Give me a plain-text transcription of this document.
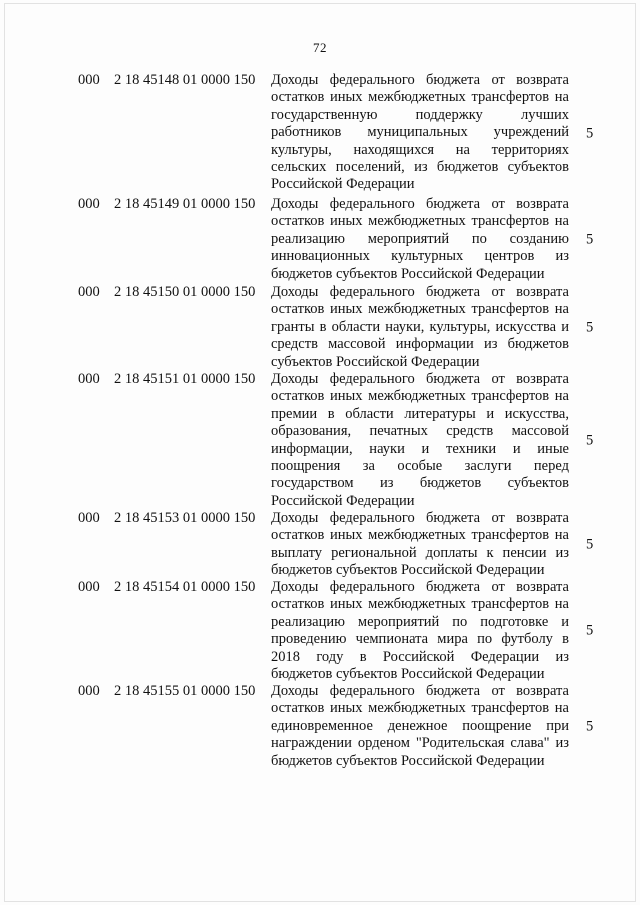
72
000 2 18 45148 01 0000 150 Доходы федерального бюджета от возврата остатков иных межбюджетных трансфертов на государственную поддержку лучших работников муниципальных учреждений культуры, находящихся на территориях сельских поселений, из бюджетов субъектов Российской Федерации
5
000 2 18 45149 01 0000 150 Доходы федерального бюджета от возврата остатков иных межбюджетных трансфертов на реализацию мероприятий по созданию инновационных культурных центров из бюджетов субъектов Российской Федерации
5
000 2 18 45150 01 0000 150 Доходы федерального бюджета от возврата остатков иных межбюджетных трансфертов на гранты в области науки, культуры, искусства и средств массовой информации из бюджетов субъектов Российской Федерации
5
000 2 18 45151 01 0000 150 Доходы федерального бюджета от возврата остатков иных межбюджетных трансфертов на премии в области литературы и искусства, образования, печатных средств массовой информации, науки и техники и иные поощрения за особые заслуги перед государством из бюджетов субъектов Российской Федерации
5
000 2 18 45153 01 0000 150 Доходы федерального бюджета от возврата остатков иных межбюджетных трансфертов на выплату региональной доплаты к пенсии из бюджетов субъектов Российской Федерации
5
000 2 18 45154 01 0000 150 Доходы федерального бюджета от возврата остатков иных межбюджетных трансфертов на реализацию мероприятий по подготовке и проведению чемпионата мира по футболу в 2018 году в Российской Федерации из бюджетов субъектов Российской Федерации
5
000 2 18 45155 01 0000 150 Доходы федерального бюджета от возврата остатков иных межбюджетных трансфертов на единовременное денежное поощрение при награждении орденом "Родительская слава" из бюджетов субъектов Российской Федерации
5
